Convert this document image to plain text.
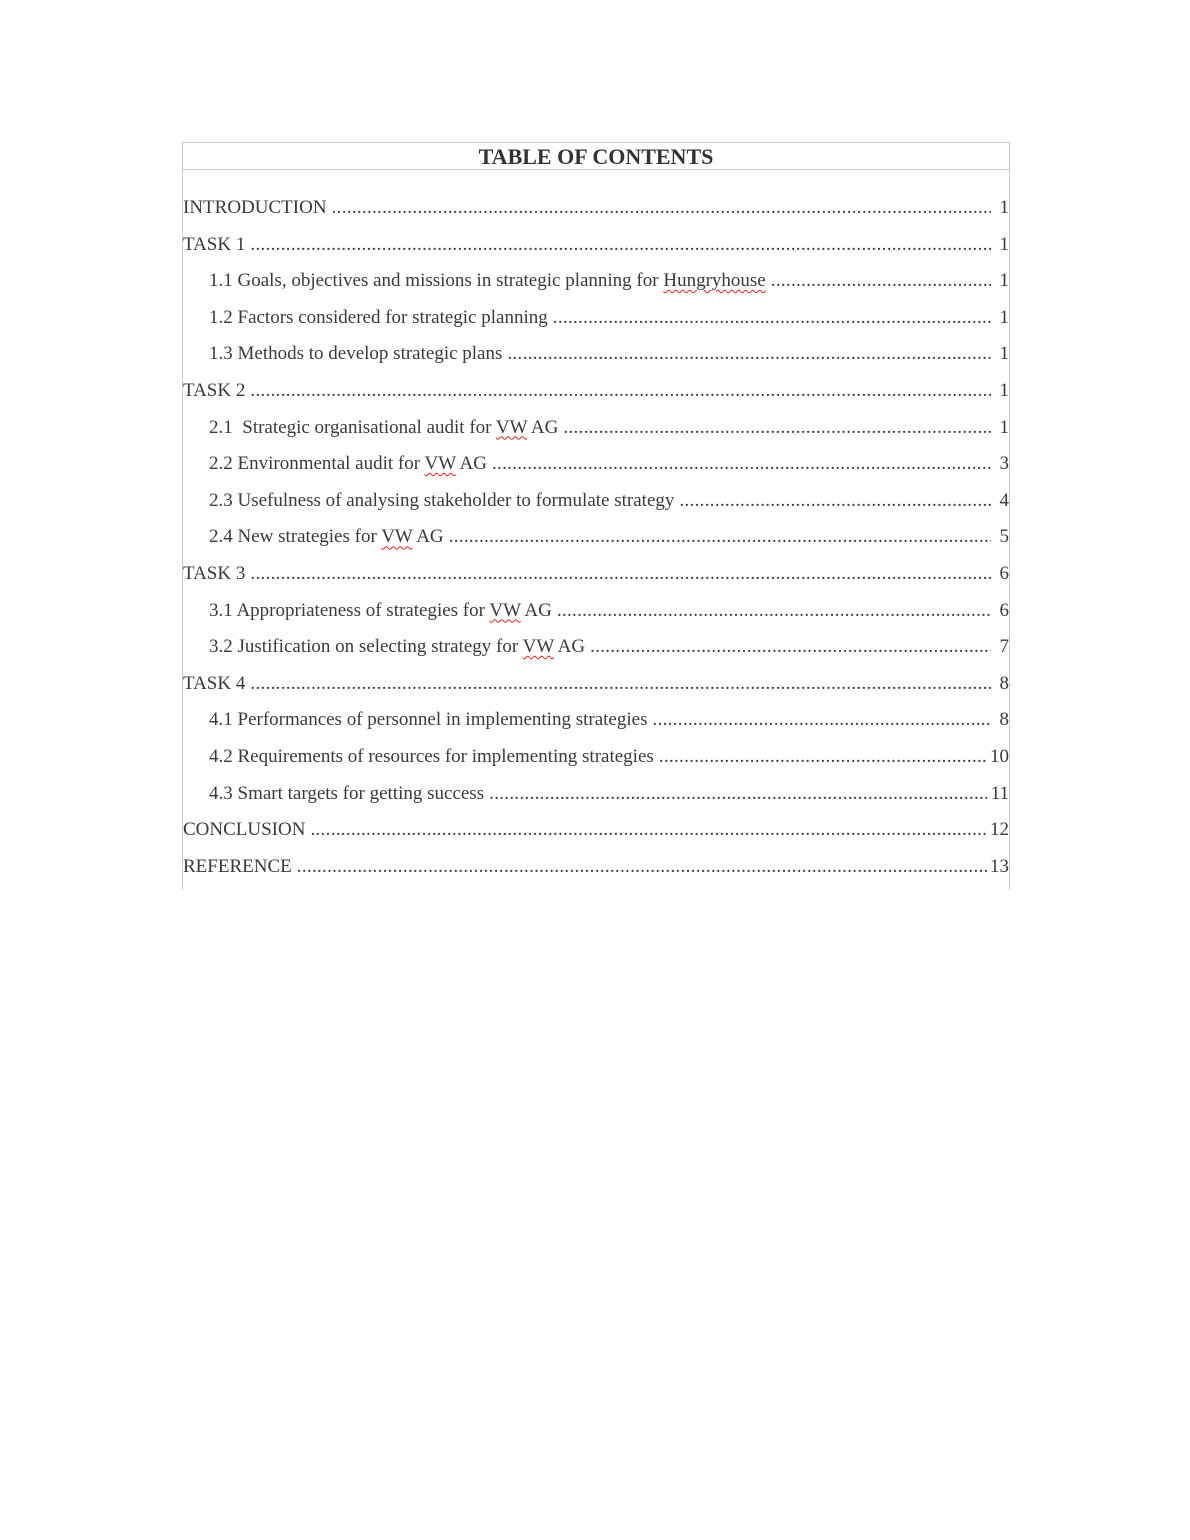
TABLE OF CONTENTS
INTRODUCTION .....	1
TASK 1 .....	1
1.1 Goals, objectives and missions in strategic planning for Hungryhouse .....	1
1.2 Factors considered for strategic planning .....	1
1.3 Methods to develop strategic plans .....	1
TASK 2 .....	1
2.1  Strategic organisational audit for VW AG .....	1
2.2 Environmental audit for VW AG .....	3
2.3 Usefulness of analysing stakeholder to formulate strategy .....	4
2.4 New strategies for VW AG .....	5
TASK 3 .....	6
3.1 Appropriateness of strategies for VW AG .....	6
3.2 Justification on selecting strategy for VW AG .....	7
TASK 4 .....	8
4.1 Performances of personnel in implementing strategies .....	8
4.2 Requirements of resources for implementing strategies .....	10
4.3 Smart targets for getting success .....	11
CONCLUSION .....	12
REFERENCE .....	13
